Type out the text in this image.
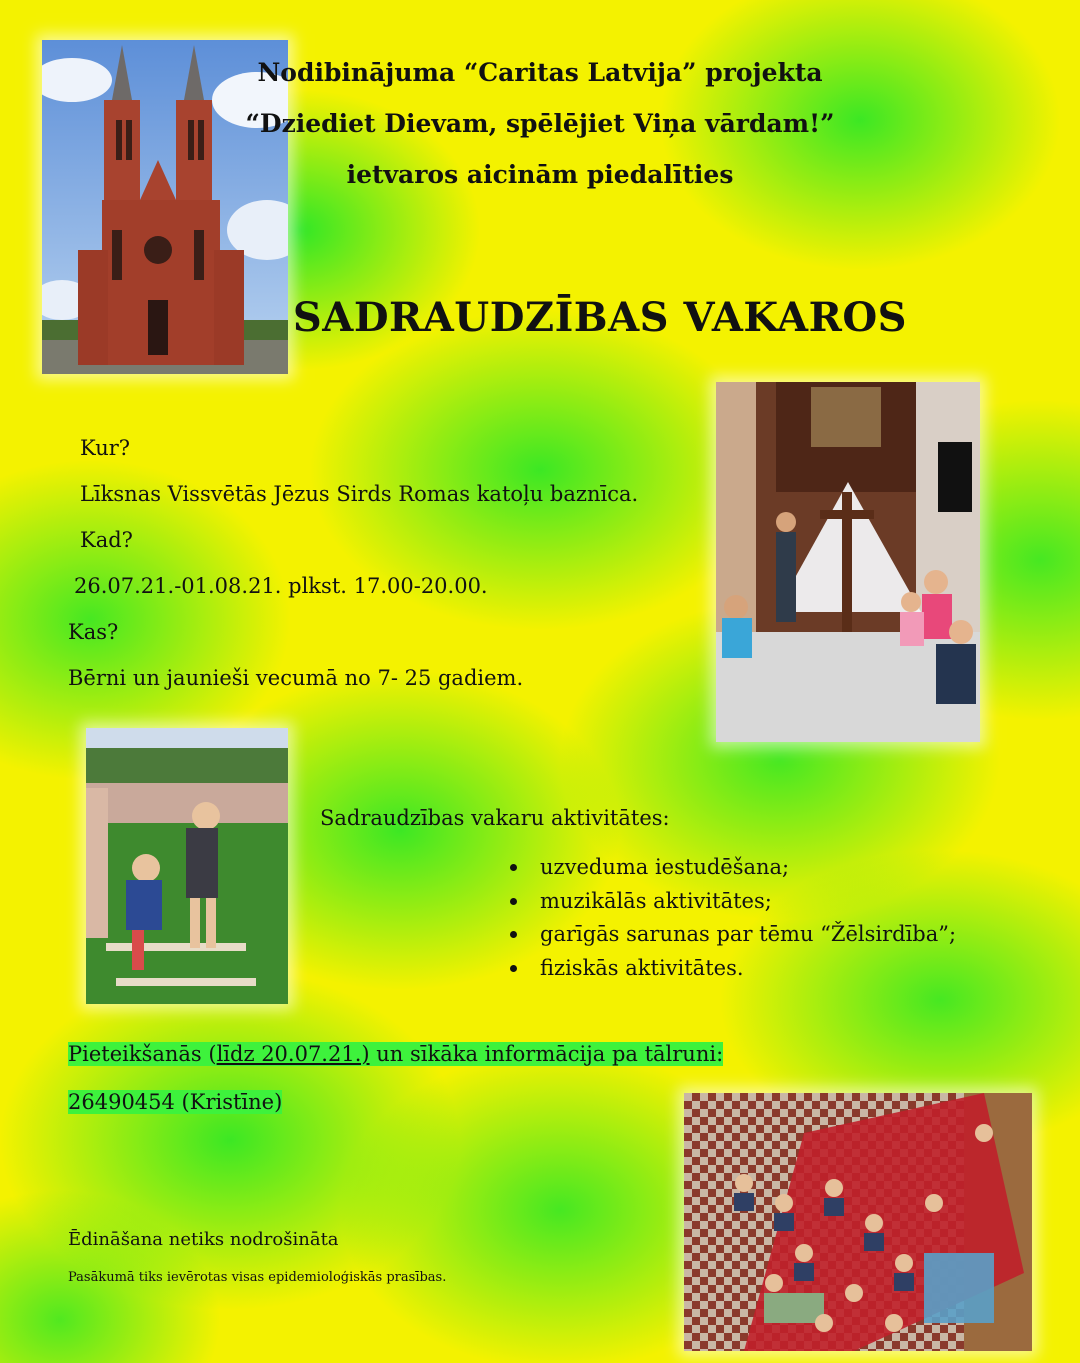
Nodibinājuma “Caritas Latvija” projekta
“Dziediet Dievam, spēlējiet Viņa vārdam!”
ietvaros aicinām piedalīties
SADRAUDZĪBAS VAKAROS
Kur?
Līksnas Vissvētās Jēzus Sirds Romas katoļu baznīca.
Kad?
26.07.21.-01.08.21. plkst. 17.00-20.00.
Kas?
Bērni un jaunieši vecumā no 7- 25 gadiem.
Sadraudzības vakaru aktivitātes:
uzveduma iestudēšana;
muzikālās aktivitātes;
garīgās sarunas par tēmu “Žēlsirdība”;
fiziskās aktivitātes.
Pieteikšanās (līdz 20.07.21.) un sīkāka informācija pa tālruni:
26490454 (Kristīne)
Ēdināšana netiks nodrošināta
Pasākumā tiks ievērotas visas epidemioloģiskās prasības.
